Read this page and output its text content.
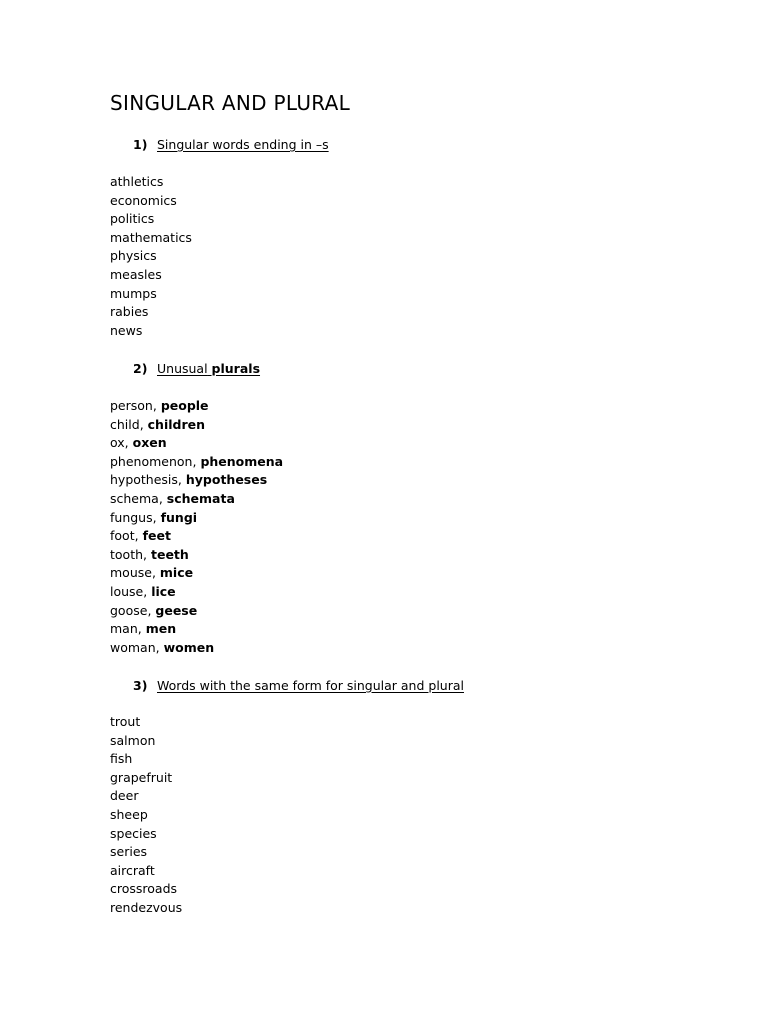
SINGULAR AND PLURAL
1) Singular words ending in –s
athletics
economics
politics
mathematics
physics
measles
mumps
rabies
news
2) Unusual plurals
person, people
child, children
ox, oxen
phenomenon, phenomena
hypothesis, hypotheses
schema, schemata
fungus, fungi
foot, feet
tooth, teeth
mouse, mice
louse, lice
goose, geese
man, men
woman, women
3) Words with the same form for singular and plural
trout
salmon
fish
grapefruit
deer
sheep
species
series
aircraft
crossroads
rendezvous
